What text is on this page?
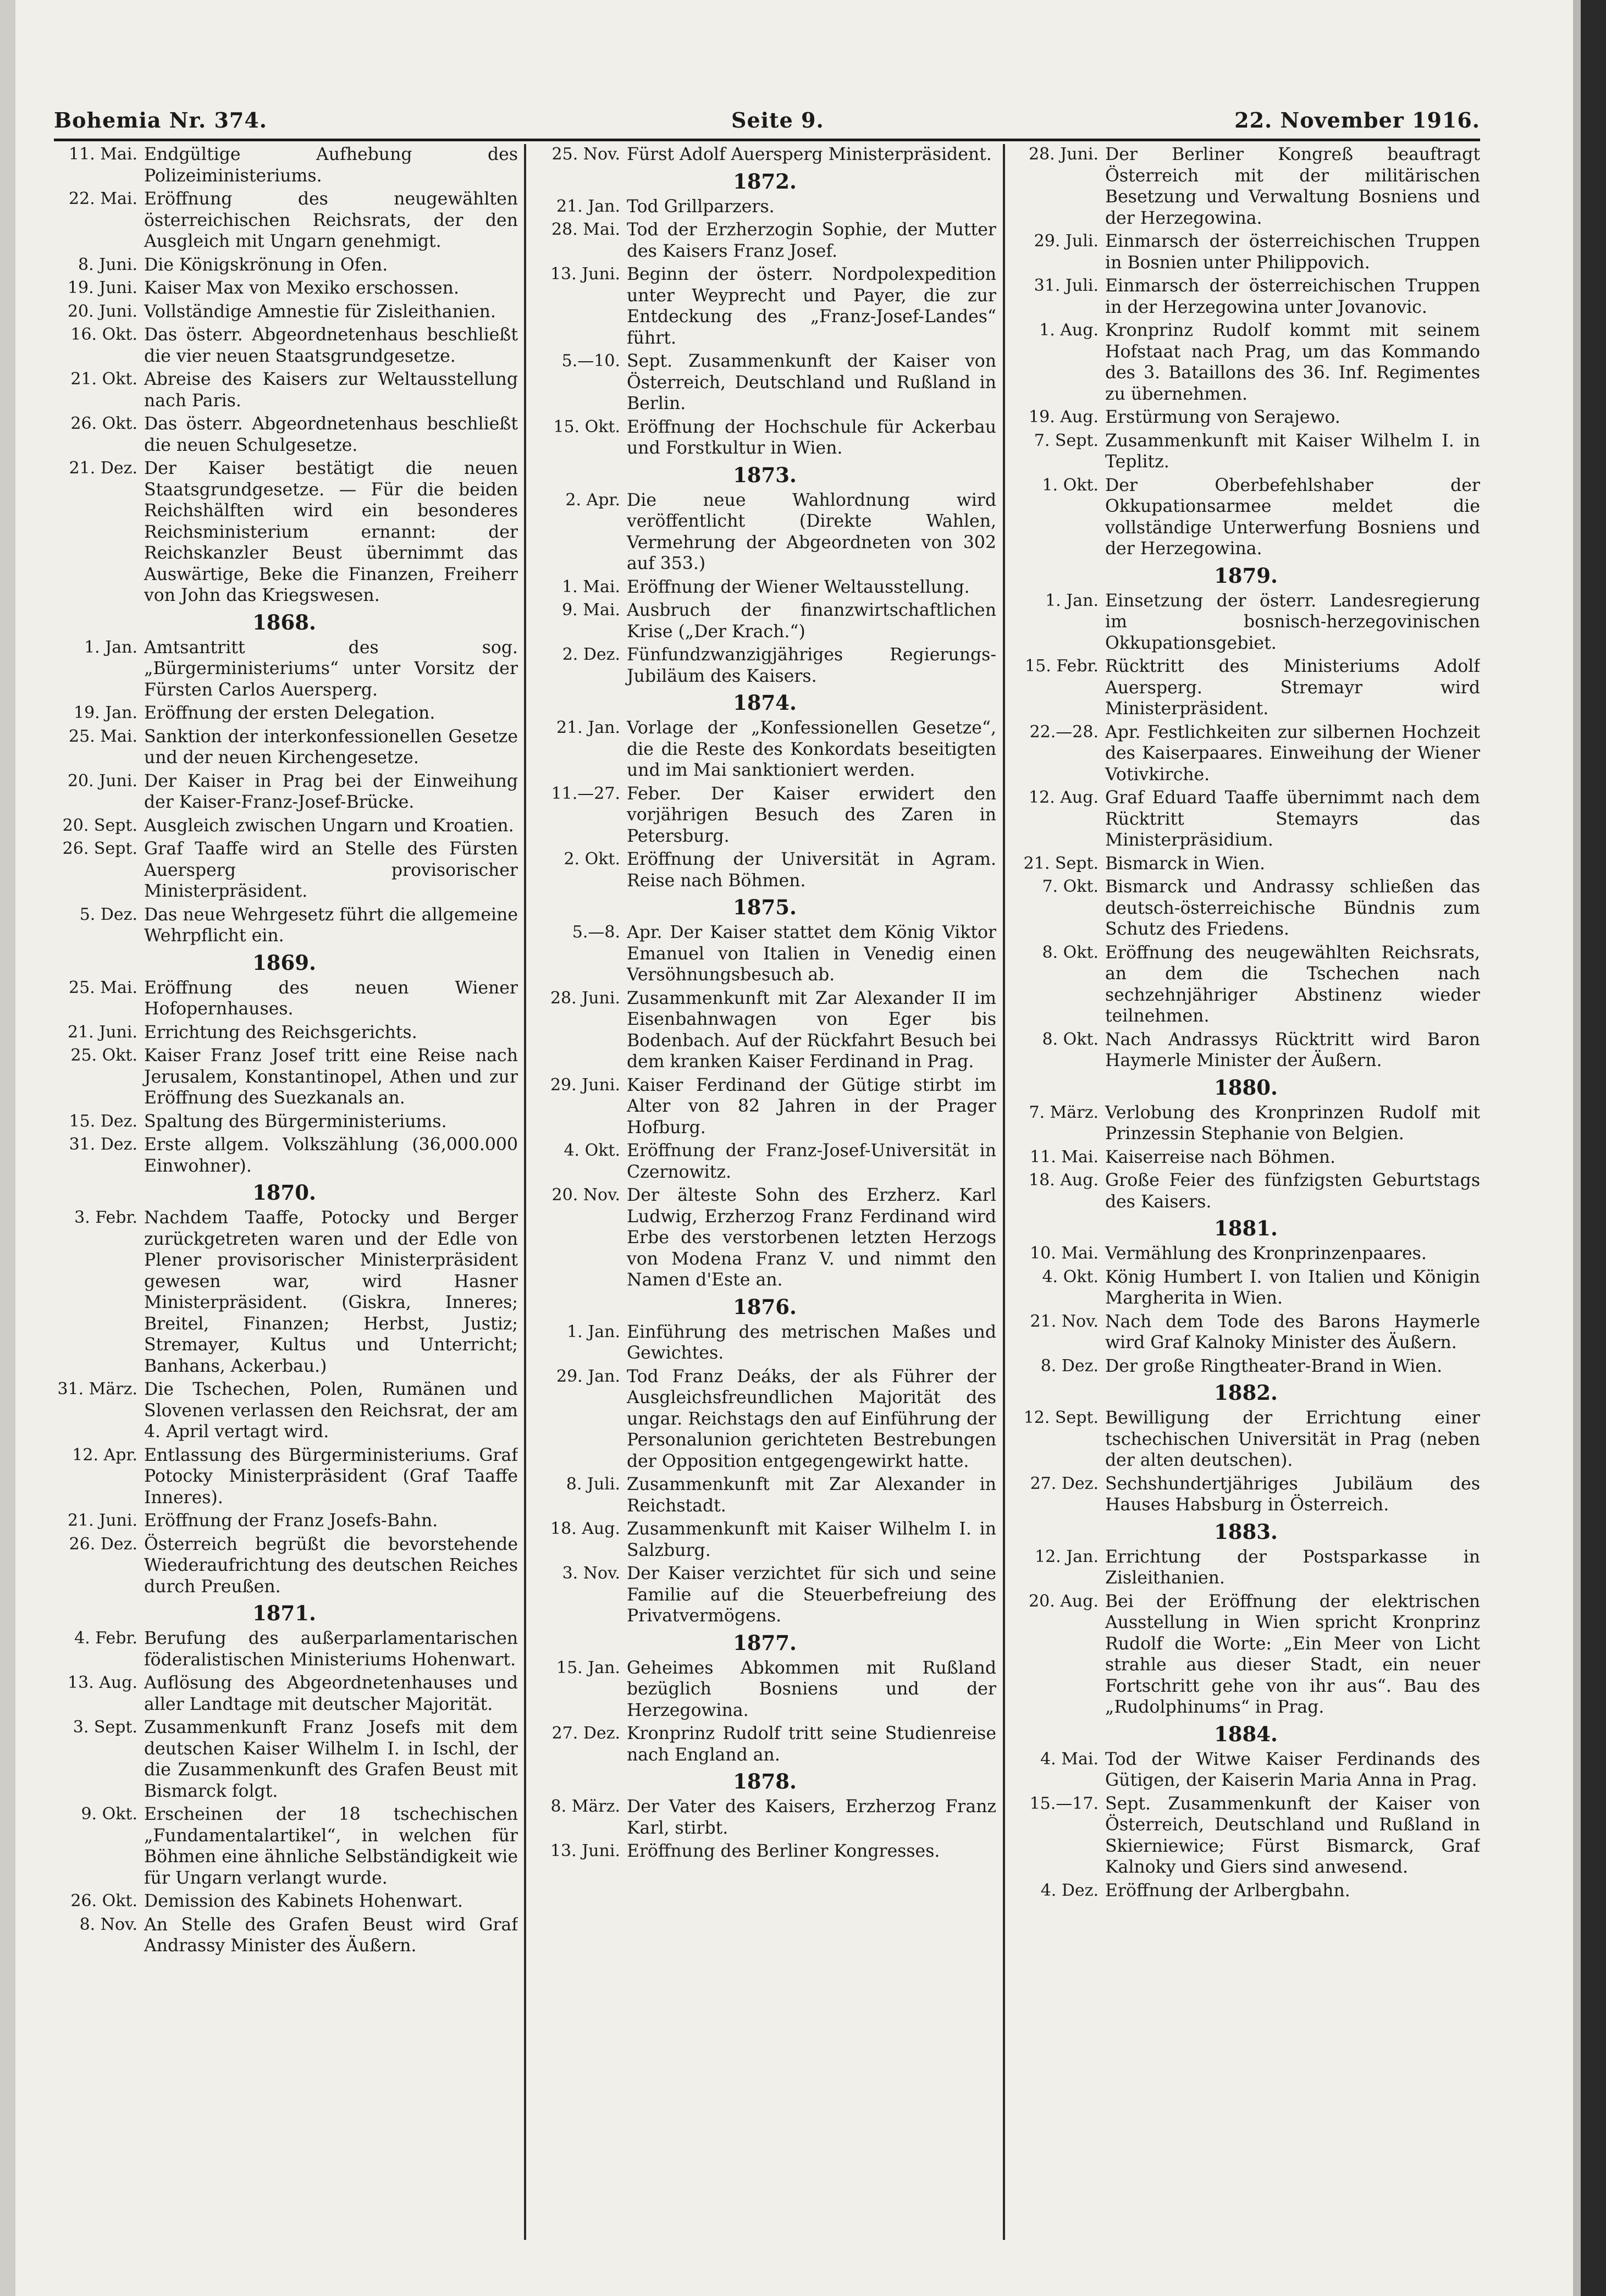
Bohemia Nr. 374.	Seite 9.	22. November 1916.
11. Mai. Endgültige Aufhebung des Polizeiministeriums.
22. Mai. Eröffnung des neugewählten österreichischen Reichsrats, der den Ausgleich mit Ungarn genehmigt.
8. Juni. Die Königskrönung in Ofen.
19. Juni. Kaiser Max von Mexiko erschossen.
20. Juni. Vollständige Amnestie für Zisleithanien.
16. Okt. Das österr. Abgeordnetenhaus beschließt die vier neuen Staatsgrundgesetze.
21. Okt. Abreise des Kaisers zur Weltausstellung nach Paris.
26. Okt. Das österr. Abgeordnetenhaus beschließt die neuen Schulgesetze.
21. Dez. Der Kaiser bestätigt die neuen Staatsgrundgesetze. — Für die beiden Reichshälften wird ein besonderes Reichsministerium ernannt: der Reichskanzler Beust übernimmt das Auswärtige, Beke die Finanzen, Freiherr von John das Kriegswesen.
1868.
1. Jan. Amtsantritt des sog. „Bürgerministeriums“ unter Vorsitz der Fürsten Carlos Auersperg.
19. Jan. Eröffnung der ersten Delegation.
25. Mai. Sanktion der interkonfessionellen Gesetze und der neuen Kirchengesetze.
20. Juni. Der Kaiser in Prag bei der Einweihung der Kaiser-Franz-Josef-Brücke.
20. Sept. Ausgleich zwischen Ungarn und Kroatien.
26. Sept. Graf Taaffe wird an Stelle des Fürsten Auersperg provisorischer Ministerpräsident.
5. Dez. Das neue Wehrgesetz führt die allgemeine Wehrpflicht ein.
1869.
25. Mai. Eröffnung des neuen Wiener Hofopernhauses.
21. Juni. Errichtung des Reichsgerichts.
25. Okt. Kaiser Franz Josef tritt eine Reise nach Jerusalem, Konstantinopel, Athen und zur Eröffnung des Suezkanals an.
15. Dez. Spaltung des Bürgerministeriums.
31. Dez. Erste allgem. Volkszählung (36,000.000 Einwohner).
1870.
3. Febr. Nachdem Taaffe, Potocky und Berger zurückgetreten waren und der Edle von Plener provisorischer Ministerpräsident gewesen war, wird Hasner Ministerpräsident. (Giskra, Inneres; Breitel, Finanzen; Herbst, Justiz; Stremayer, Kultus und Unterricht; Banhans, Ackerbau.)
31. März. Die Tschechen, Polen, Rumänen und Slovenen verlassen den Reichsrat, der am 4. April vertagt wird.
12. Apr. Entlassung des Bürgerministeriums. Graf Potocky Ministerpräsident (Graf Taaffe Inneres).
21. Juni. Eröffnung der Franz Josefs-Bahn.
26. Dez. Österreich begrüßt die bevorstehende Wiederaufrichtung des deutschen Reiches durch Preußen.
1871.
4. Febr. Berufung des außerparlamentarischen föderalistischen Ministeriums Hohenwart.
13. Aug. Auflösung des Abgeordnetenhauses und aller Landtage mit deutscher Majorität.
3. Sept. Zusammenkunft Franz Josefs mit dem deutschen Kaiser Wilhelm I. in Ischl, der die Zusammenkunft des Grafen Beust mit Bismarck folgt.
9. Okt. Erscheinen der 18 tschechischen „Fundamentalartikel“, in welchen für Böhmen eine ähnliche Selbständigkeit wie für Ungarn verlangt wurde.
26. Okt. Demission des Kabinets Hohenwart.
8. Nov. An Stelle des Grafen Beust wird Graf Andrassy Minister des Äußern.
25. Nov. Fürst Adolf Auersperg Ministerpräsident.
1872.
21. Jan. Tod Grillparzers.
28. Mai. Tod der Erzherzogin Sophie, der Mutter des Kaisers Franz Josef.
13. Juni. Beginn der österr. Nordpolexpedition unter Weyprecht und Payer, die zur Entdeckung des „Franz-Josef-Landes“ führt.
5.—10. Sept. Zusammenkunft der Kaiser von Österreich, Deutschland und Rußland in Berlin.
15. Okt. Eröffnung der Hochschule für Ackerbau und Forstkultur in Wien.
1873.
2. Apr. Die neue Wahlordnung wird veröffentlicht (Direkte Wahlen, Vermehrung der Abgeordneten von 302 auf 353.)
1. Mai. Eröffnung der Wiener Weltausstellung.
9. Mai. Ausbruch der finanzwirtschaftlichen Krise („Der Krach.“)
2. Dez. Fünfundzwanzigjähriges Regierungs-Jubiläum des Kaisers.
1874.
21. Jan. Vorlage der „Konfessionellen Gesetze“, die die Reste des Konkordats beseitigten und im Mai sanktioniert werden.
11.—27. Feber. Der Kaiser erwidert den vorjährigen Besuch des Zaren in Petersburg.
2. Okt. Eröffnung der Universität in Agram. Reise nach Böhmen.
1875.
5.—8. Apr. Der Kaiser stattet dem König Viktor Emanuel von Italien in Venedig einen Versöhnungsbesuch ab.
28. Juni. Zusammenkunft mit Zar Alexander II im Eisenbahnwagen von Eger bis Bodenbach. Auf der Rückfahrt Besuch bei dem kranken Kaiser Ferdinand in Prag.
29. Juni. Kaiser Ferdinand der Gütige stirbt im Alter von 82 Jahren in der Prager Hofburg.
4. Okt. Eröffnung der Franz-Josef-Universität in Czernowitz.
20. Nov. Der älteste Sohn des Erzherz. Karl Ludwig, Erzherzog Franz Ferdinand wird Erbe des verstorbenen letzten Herzogs von Modena Franz V. und nimmt den Namen d'Este an.
1876.
1. Jan. Einführung des metrischen Maßes und Gewichtes.
29. Jan. Tod Franz Deáks, der als Führer der Ausgleichsfreundlichen Majorität des ungar. Reichstags den auf Einführung der Personalunion gerichteten Bestrebungen der Opposition entgegengewirkt hatte.
8. Juli. Zusammenkunft mit Zar Alexander in Reichstadt.
18. Aug. Zusammenkunft mit Kaiser Wilhelm I. in Salzburg.
3. Nov. Der Kaiser verzichtet für sich und seine Familie auf die Steuerbefreiung des Privatvermögens.
1877.
15. Jan. Geheimes Abkommen mit Rußland bezüglich Bosniens und der Herzegowina.
27. Dez. Kronprinz Rudolf tritt seine Studienreise nach England an.
1878.
8. März. Der Vater des Kaisers, Erzherzog Franz Karl, stirbt.
13. Juni. Eröffnung des Berliner Kongresses.
28. Juni. Der Berliner Kongreß beauftragt Österreich mit der militärischen Besetzung und Verwaltung Bosniens und der Herzegowina.
29. Juli. Einmarsch der österreichischen Truppen in Bosnien unter Philippovich.
31. Juli. Einmarsch der österreichischen Truppen in der Herzegowina unter Jovanovic.
1. Aug. Kronprinz Rudolf kommt mit seinem Hofstaat nach Prag, um das Kommando des 3. Bataillons des 36. Inf. Regimentes zu übernehmen.
19. Aug. Erstürmung von Serajewo.
7. Sept. Zusammenkunft mit Kaiser Wilhelm I. in Teplitz.
1. Okt. Der Oberbefehlshaber der Okkupationsarmee meldet die vollständige Unterwerfung Bosniens und der Herzegowina.
1879.
1. Jan. Einsetzung der österr. Landesregierung im bosnisch-herzegovinischen Okkupationsgebiet.
15. Febr. Rücktritt des Ministeriums Adolf Auersperg. Stremayr wird Ministerpräsident.
22.—28. Apr. Festlichkeiten zur silbernen Hochzeit des Kaiserpaares. Einweihung der Wiener Votivkirche.
12. Aug. Graf Eduard Taaffe übernimmt nach dem Rücktritt Stemayrs das Ministerpräsidium.
21. Sept. Bismarck in Wien.
7. Okt. Bismarck und Andrassy schließen das deutsch-österreichische Bündnis zum Schutz des Friedens.
8. Okt. Eröffnung des neugewählten Reichsrats, an dem die Tschechen nach sechzehnjähriger Abstinenz wieder teilnehmen.
8. Okt. Nach Andrassys Rücktritt wird Baron Haymerle Minister der Äußern.
1880.
7. März. Verlobung des Kronprinzen Rudolf mit Prinzessin Stephanie von Belgien.
11. Mai. Kaiserreise nach Böhmen.
18. Aug. Große Feier des fünfzigsten Geburtstags des Kaisers.
1881.
10. Mai. Vermählung des Kronprinzenpaares.
4. Okt. König Humbert I. von Italien und Königin Margherita in Wien.
21. Nov. Nach dem Tode des Barons Haymerle wird Graf Kalnoky Minister des Äußern.
8. Dez. Der große Ringtheater-Brand in Wien.
1882.
12. Sept. Bewilligung der Errichtung einer tschechischen Universität in Prag (neben der alten deutschen).
27. Dez. Sechshundertjähriges Jubiläum des Hauses Habsburg in Österreich.
1883.
12. Jan. Errichtung der Postsparkasse in Zisleithanien.
20. Aug. Bei der Eröffnung der elektrischen Ausstellung in Wien spricht Kronprinz Rudolf die Worte: „Ein Meer von Licht strahle aus dieser Stadt, ein neuer Fortschritt gehe von ihr aus“. Bau des „Rudolphinums“ in Prag.
1884.
4. Mai. Tod der Witwe Kaiser Ferdinands des Gütigen, der Kaiserin Maria Anna in Prag.
15.—17. Sept. Zusammenkunft der Kaiser von Österreich, Deutschland und Rußland in Skierniewice; Fürst Bismarck, Graf Kalnoky und Giers sind anwesend.
4. Dez. Eröffnung der Arlbergbahn.
